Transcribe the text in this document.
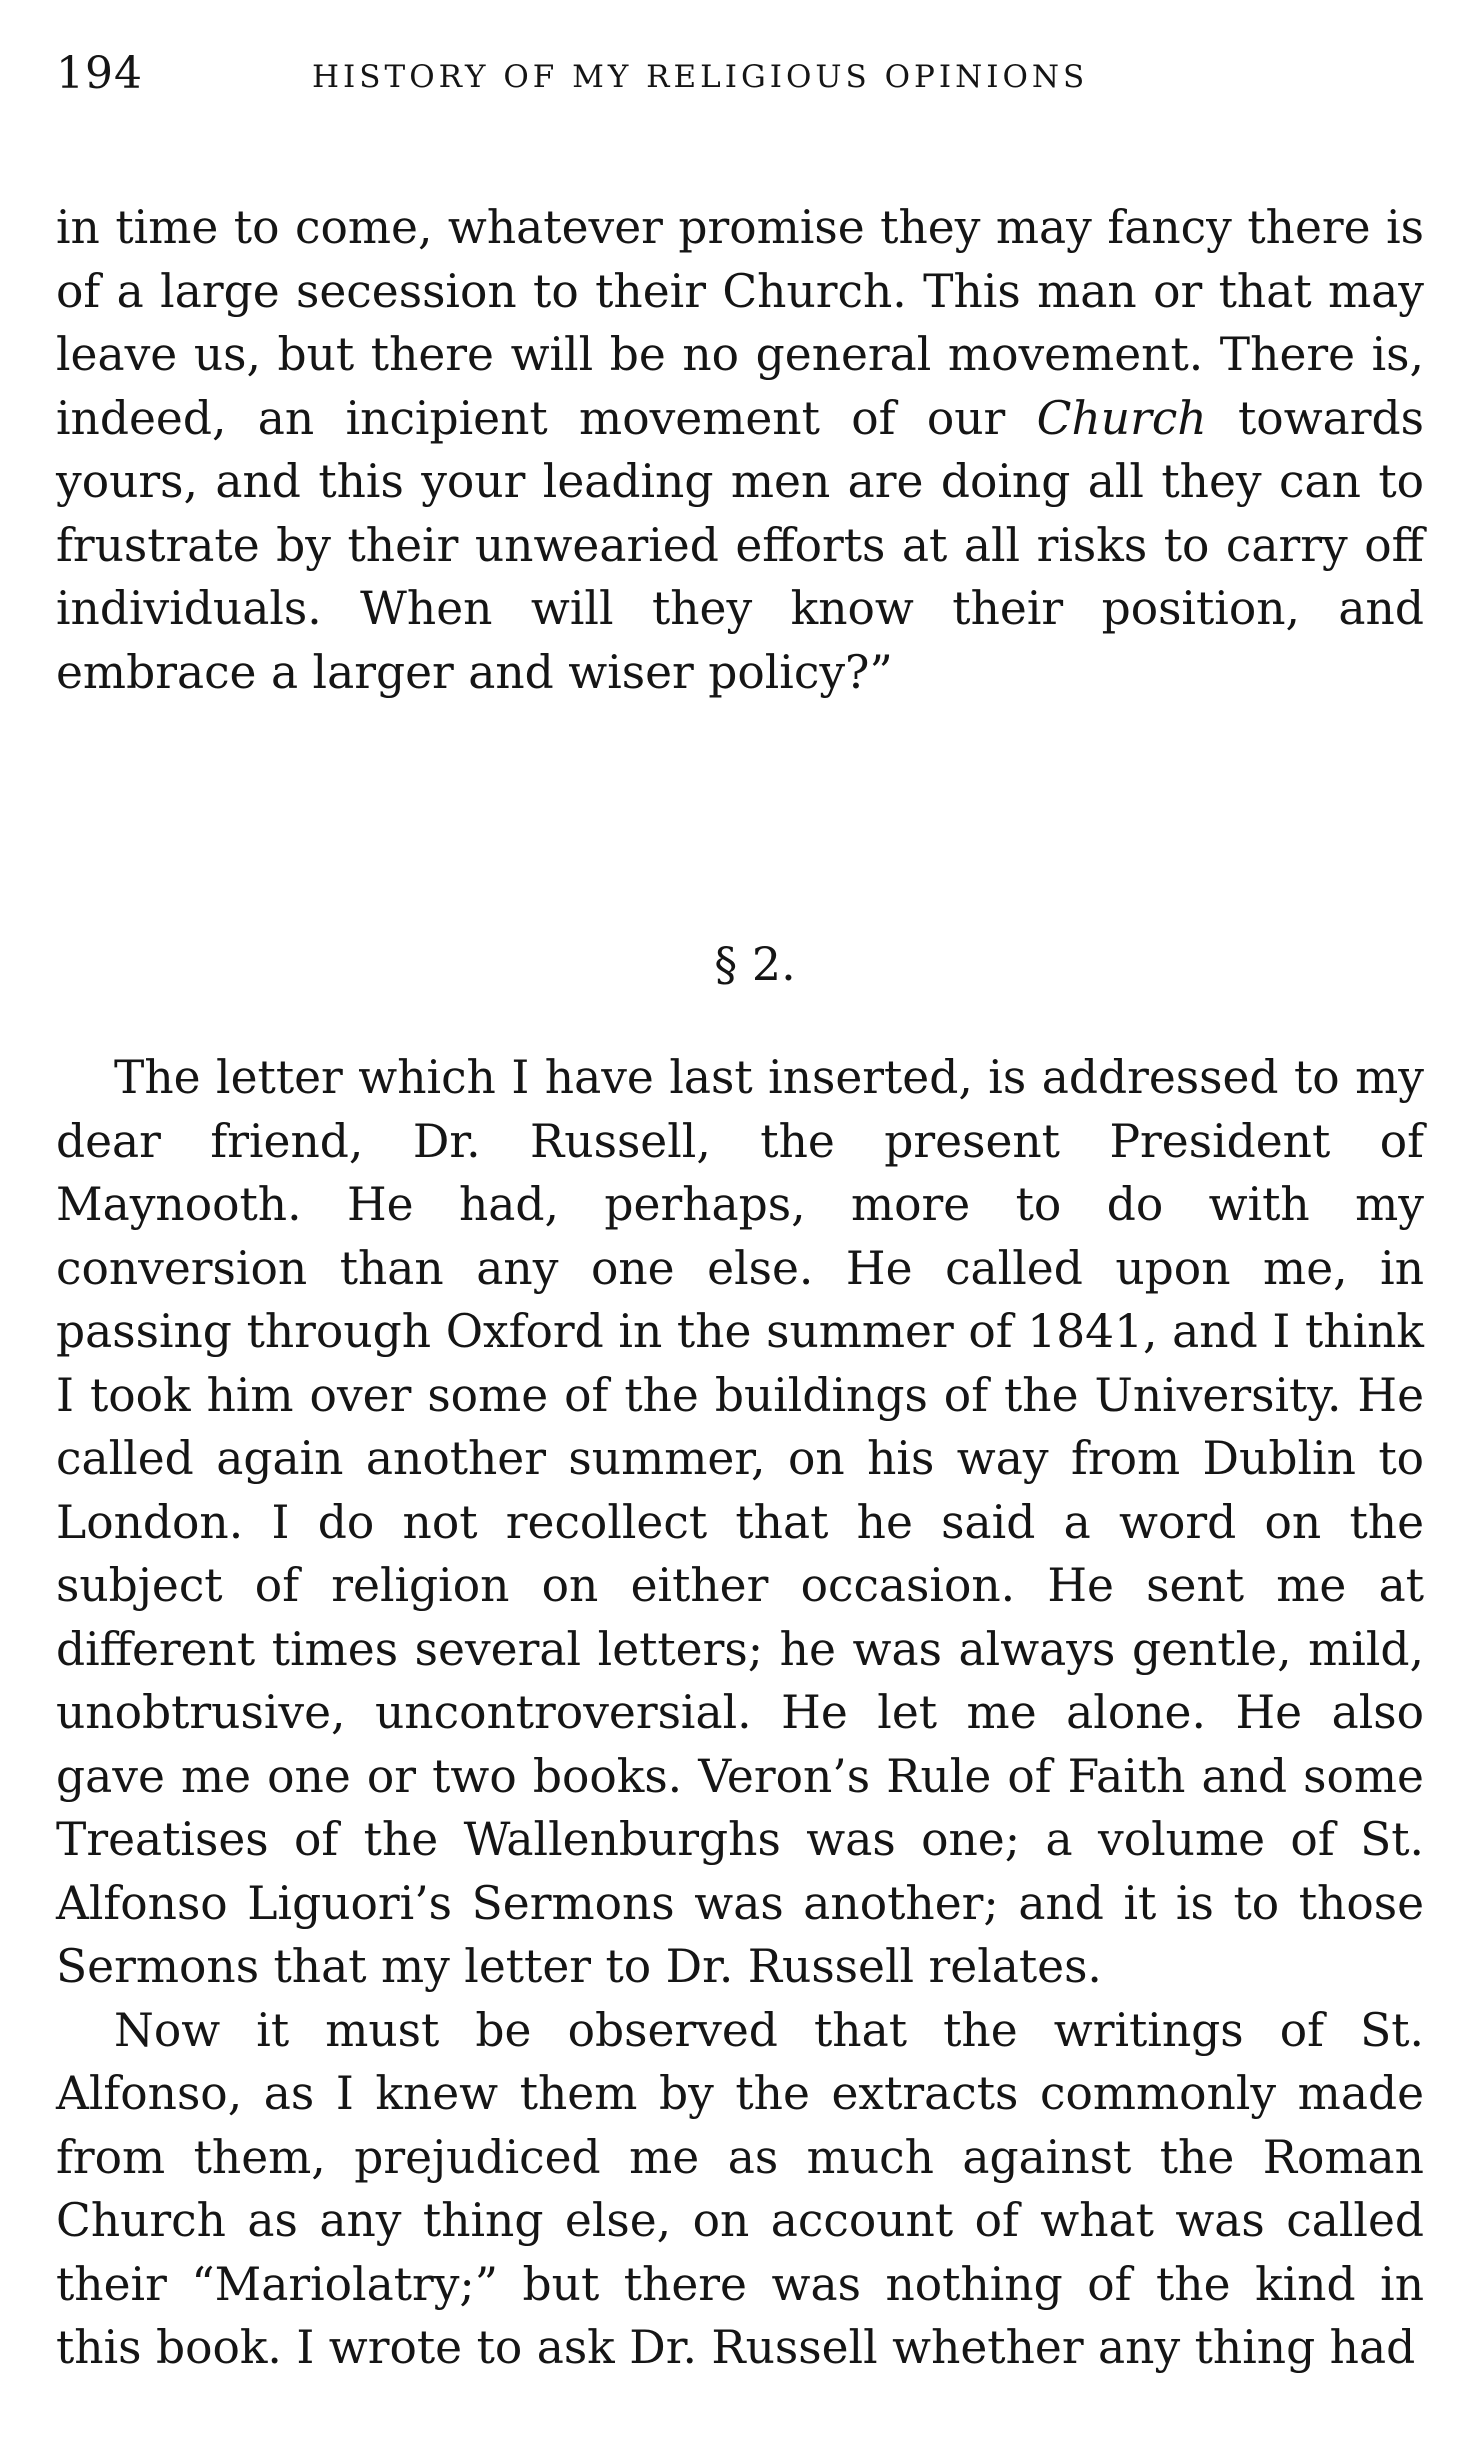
194	HISTORY OF MY RELIGIOUS OPINIONS

in time to come, whatever promise they may fancy there is of a large secession to their Church. This man or that may leave us, but there will be no general movement. There is, indeed, an incipient movement of our Church towards yours, and this your leading men are doing all they can to frustrate by their unwearied efforts at all risks to carry off individuals. When will they know their position, and embrace a larger and wiser policy?”

§ 2.

The letter which I have last inserted, is addressed to my dear friend, Dr. Russell, the present President of Maynooth. He had, perhaps, more to do with my conversion than any one else. He called upon me, in passing through Oxford in the summer of 1841, and I think I took him over some of the buildings of the University. He called again another summer, on his way from Dublin to London. I do not recollect that he said a word on the subject of religion on either occasion. He sent me at different times several letters; he was always gentle, mild, unobtrusive, uncontroversial. He let me alone. He also gave me one or two books. Veron’s Rule of Faith and some Treatises of the Wallenburghs was one; a volume of St. Alfonso Liguori’s Sermons was another; and it is to those Sermons that my letter to Dr. Russell relates.

Now it must be observed that the writings of St. Alfonso, as I knew them by the extracts commonly made from them, prejudiced me as much against the Roman Church as any thing else, on account of what was called their “Mariolatry;” but there was nothing of the kind in this book. I wrote to ask Dr. Russell whether any thing had
